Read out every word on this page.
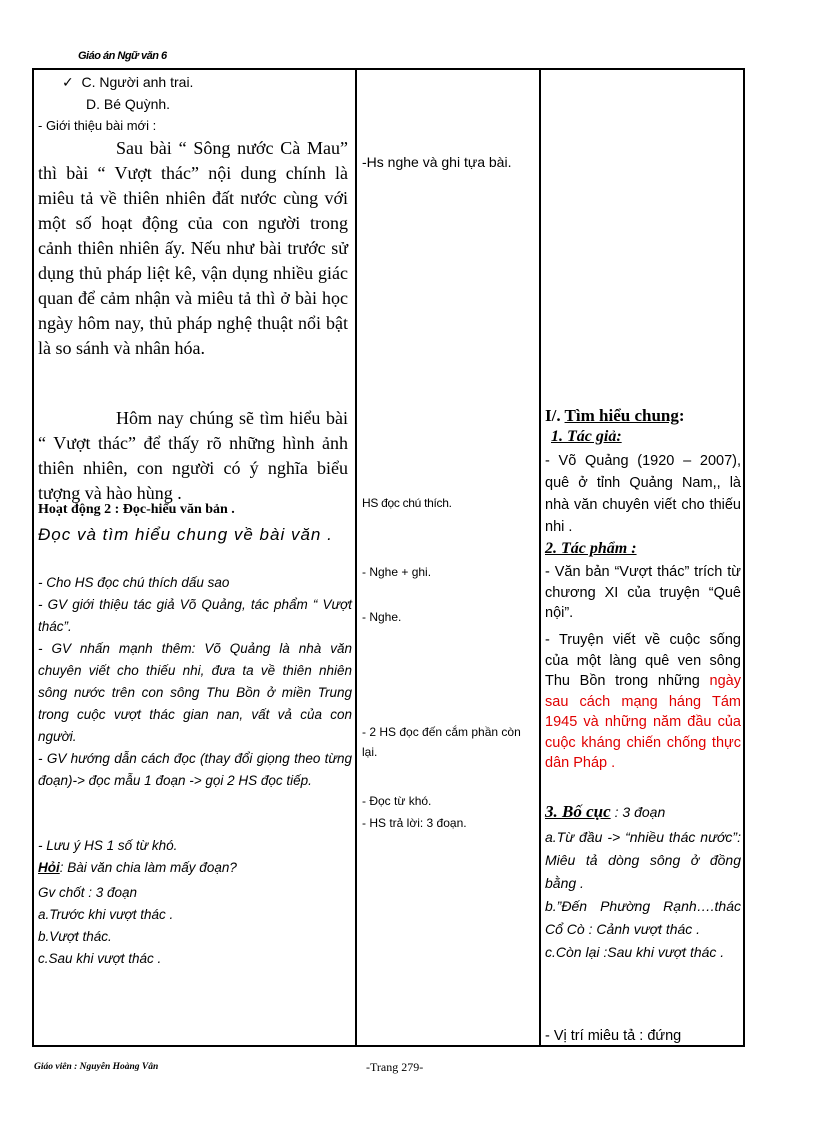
Giáo án Ngữ văn 6
✓ C. Người anh trai.
D. Bé Quỳnh.
- Giới thiệu bài mới :
Sau bài “ Sông nước Cà Mau” thì bài “ Vượt thác” nội dung chính là miêu tả về thiên nhiên đất nước cùng với một số hoạt động của con người trong cảnh thiên nhiên ấy. Nếu như bài trước sử dụng thủ pháp liệt kê, vận dụng nhiều giác quan để cảm nhận và miêu tả thì ở bài học ngày hôm nay, thủ pháp nghệ thuật nổi bật là so sánh và nhân hóa.
Hôm nay chúng sẽ tìm hiểu bài “ Vượt thác” để thấy rõ những hình ảnh thiên nhiên, con người có ý nghĩa biểu tượng và hào hùng .
Hoạt động 2 : Đọc-hiểu văn bản .
Đọc và tìm hiểu chung về bài văn .
- Cho HS đọc chú thích dấu sao
- GV giới thiệu tác giả Võ Quảng, tác phẩm “ Vượt thác”.
- GV nhấn mạnh thêm: Võ Quảng là nhà văn chuyên viết cho thiếu nhi, đưa ta về thiên nhiên sông nước trên con sông Thu Bồn ở miền Trung trong cuộc vượt thác gian nan, vất vả của con người.
- GV hướng dẫn cách đọc (thay đổi giọng theo từng đoạn)-> đọc mẫu 1 đoạn -> gọi 2 HS đọc tiếp.
- Lưu ý HS 1 số từ khó.
Hỏi: Bài văn chia làm mấy đoạn?
Gv chốt : 3 đoạn
a.Trước khi vượt thác .
b.Vượt thác.
c.Sau khi vượt thác .
-Hs nghe và ghi tựa bài.
HS đọc chú thích.
- Nghe + ghi.
- Nghe.
- 2 HS đọc đến cắm phần còn lại.
- Đọc từ khó.
- HS trả lời: 3 đoạn.
I/. Tìm hiểu chung:
1. Tác giả:
- Võ Quảng (1920 – 2007), quê ở tỉnh Quảng Nam,, là nhà văn chuyên viết cho thiếu nhi .
2. Tác phẩm :
- Văn bản “Vượt thác” trích từ chương XI của truyện “Quê nội”.
- Truyện viết về cuộc sống của một làng quê ven sông Thu Bồn trong những ngày sau cách mạng háng Tám 1945 và những năm đầu của cuộc kháng chiến chống thực dân Pháp .
3. Bố cục : 3 đoạn
a.Từ đầu -> “nhiều thác nước”: Miêu tả dòng sông ở đồng bằng .
b.”Đến Phường Rạnh….thác Cổ Cò : Cảnh vượt thác .
c.Còn lại :Sau khi vượt thác .
- Vị trí miêu tả : đứng
Giáo viên : Nguyễn Hoàng Vân	-Trang 279-
